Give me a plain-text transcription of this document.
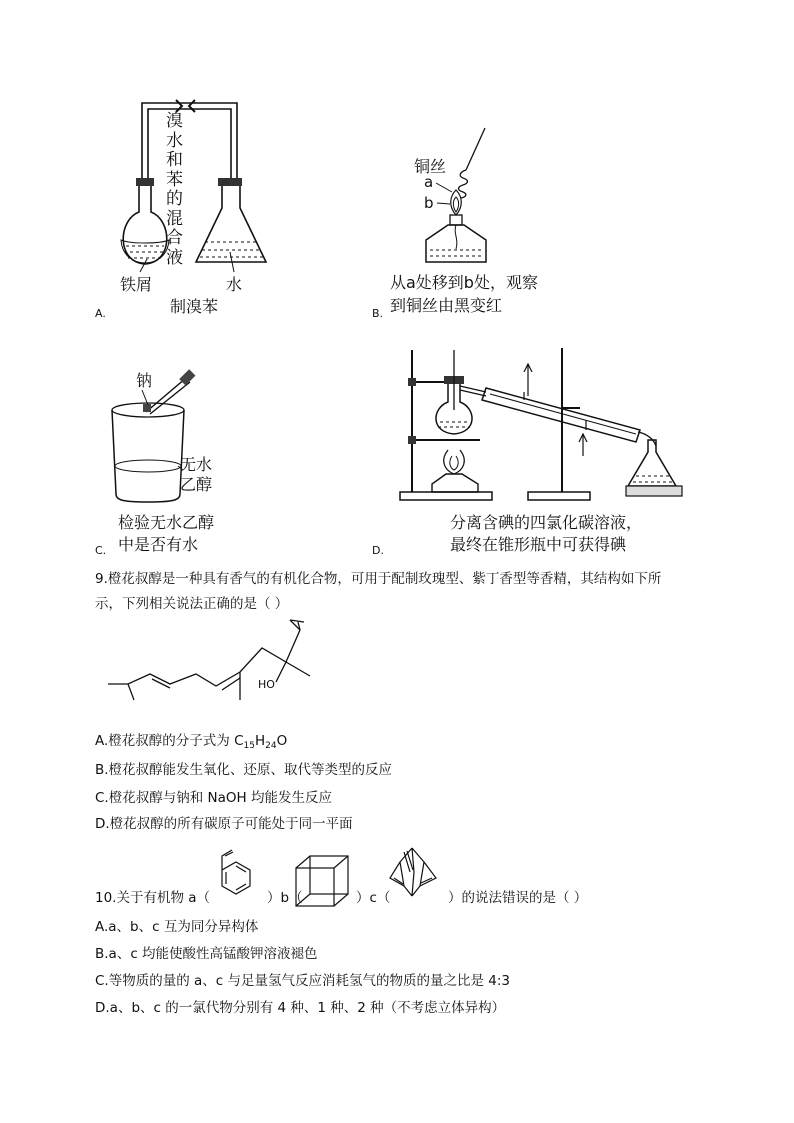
溴
水
和
苯
的
混
合
液
铁屑	水
A.	制溴苯
铜丝
a
b
从a处移到b处，观察
B. 到铜丝由黑变红
钠
无水
乙醇
检验无水乙醇
C. 中是否有水
分离含碘的四氯化碳溶液，
D.	最终在锥形瓶中可获得碘
9.橙花叔醇是一种具有香气的有机化合物，可用于配制玫瑰型、紫丁香型等香精，其结构如下所
示，下列相关说法正确的是（ ）
HO
A.橙花叔醇的分子式为 $C_{15}H_{24}O$
B.橙花叔醇能发生氧化、还原、取代等类型的反应
C.橙花叔醇与钠和 NaOH 均能发生反应
D.橙花叔醇的所有碳原子可能处于同一平面
10.关于有机物 a（	）b（	）c（	）的说法错误的是（ ）
A.a、b、c 互为同分异构体
B.a、c 均能使酸性高锰酸钾溶液褪色
C.等物质的量的 a、c 与足量氢气反应消耗氢气的物质的量之比是 4:3
D.a、b、c 的一氯代物分别有 4 种、1 种、2 种（不考虑立体异构）
